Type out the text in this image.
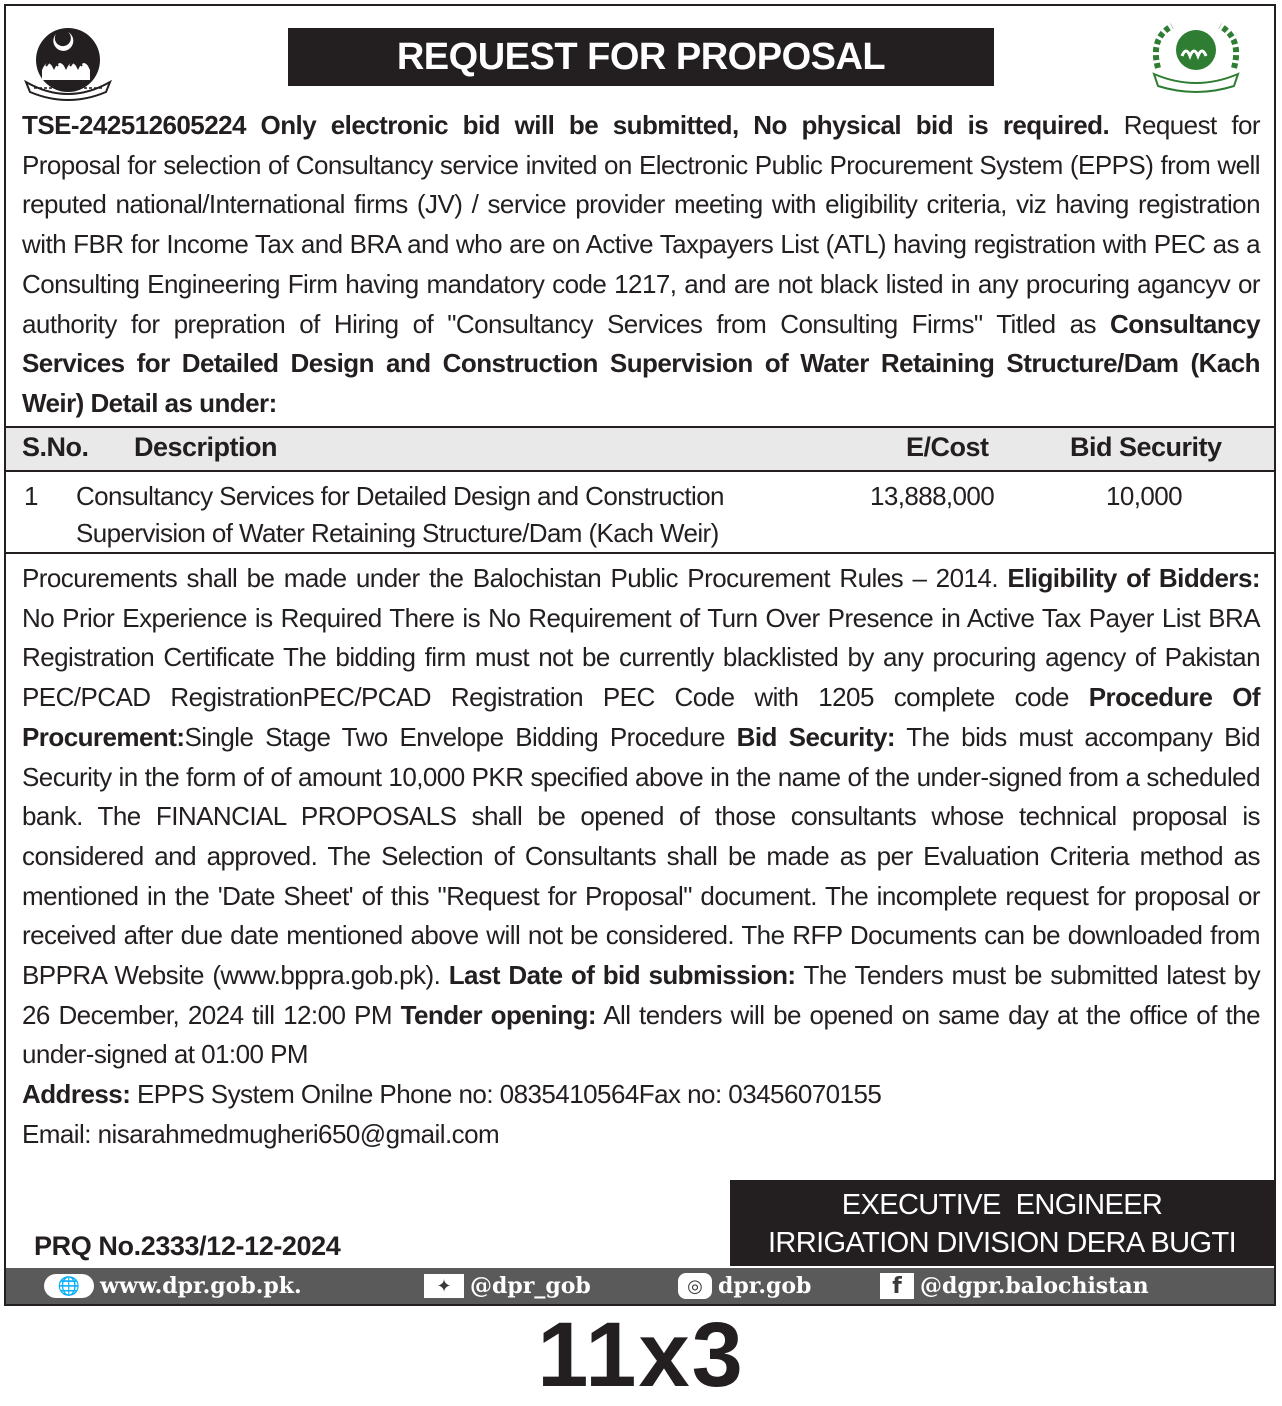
REQUEST FOR PROPOSAL
TSE-242512605224 Only electronic bid will be submitted, No physical bid is required. Request for Proposal for selection of Consultancy service invited on Electronic Public Procurement System (EPPS) from well reputed national/International firms (JV) / service provider meeting with eligibility criteria, viz having registration with FBR for Income Tax and BRA and who are on Active Taxpayers List (ATL) having registration with PEC as a Consulting Engineering Firm having mandatory code 1217, and are not black listed in any procuring agancyv or authority for prepration of Hiring of "Consultancy Services from Consulting Firms" Titled as Consultancy Services for Detailed Design and Construction Supervision of Water Retaining Structure/Dam (Kach Weir) Detail as under:
S.No. Description	E/Cost	Bid Security
1 Consultancy Services for Detailed Design and Construction
Supervision of Water Retaining Structure/Dam (Kach Weir)
13,888,000	10,000
Procurements shall be made under the Balochistan Public Procurement Rules – 2014. Eligibility of Bidders: No Prior Experience is Required There is No Requirement of Turn Over Presence in Active Tax Payer List BRA Registration Certificate The bidding firm must not be currently blacklisted by any procuring agency of Pakistan PEC/PCAD RegistrationPEC/PCAD Registration PEC Code with 1205 complete code Procedure Of Procurement:Single Stage Two Envelope Bidding Procedure Bid Security: The bids must accompany Bid Security in the form of of amount 10,000 PKR specified above in the name of the under-signed from a scheduled bank. The FINANCIAL PROPOSALS shall be opened of those consultants whose technical proposal is considered and approved. The Selection of Consultants shall be made as per Evaluation Criteria method as mentioned in the 'Date Sheet' of this "Request for Proposal" document. The incomplete request for proposal or received after due date mentioned above will not be considered. The RFP Documents can be downloaded from BPPRA Website (www.bppra.gob.pk). Last Date of bid submission: The Tenders must be submitted latest by 26 December, 2024 till 12:00 PM Tender opening: All tenders will be opened on same day at the office of the under-signed at 01:00 PM
Address: EPPS System Onilne Phone no: 0835410564Fax no: 03456070155
Email: nisarahmedmugheri650@gmail.com
PRQ No.2333/12-12-2024
EXECUTIVE  ENGINEER
IRRIGATION DIVISION DERA BUGTI
🌐 www.dpr.gob.pk.	✦ @dpr_gob	◎ dpr.gob	f @dgpr.balochistan
11x3
